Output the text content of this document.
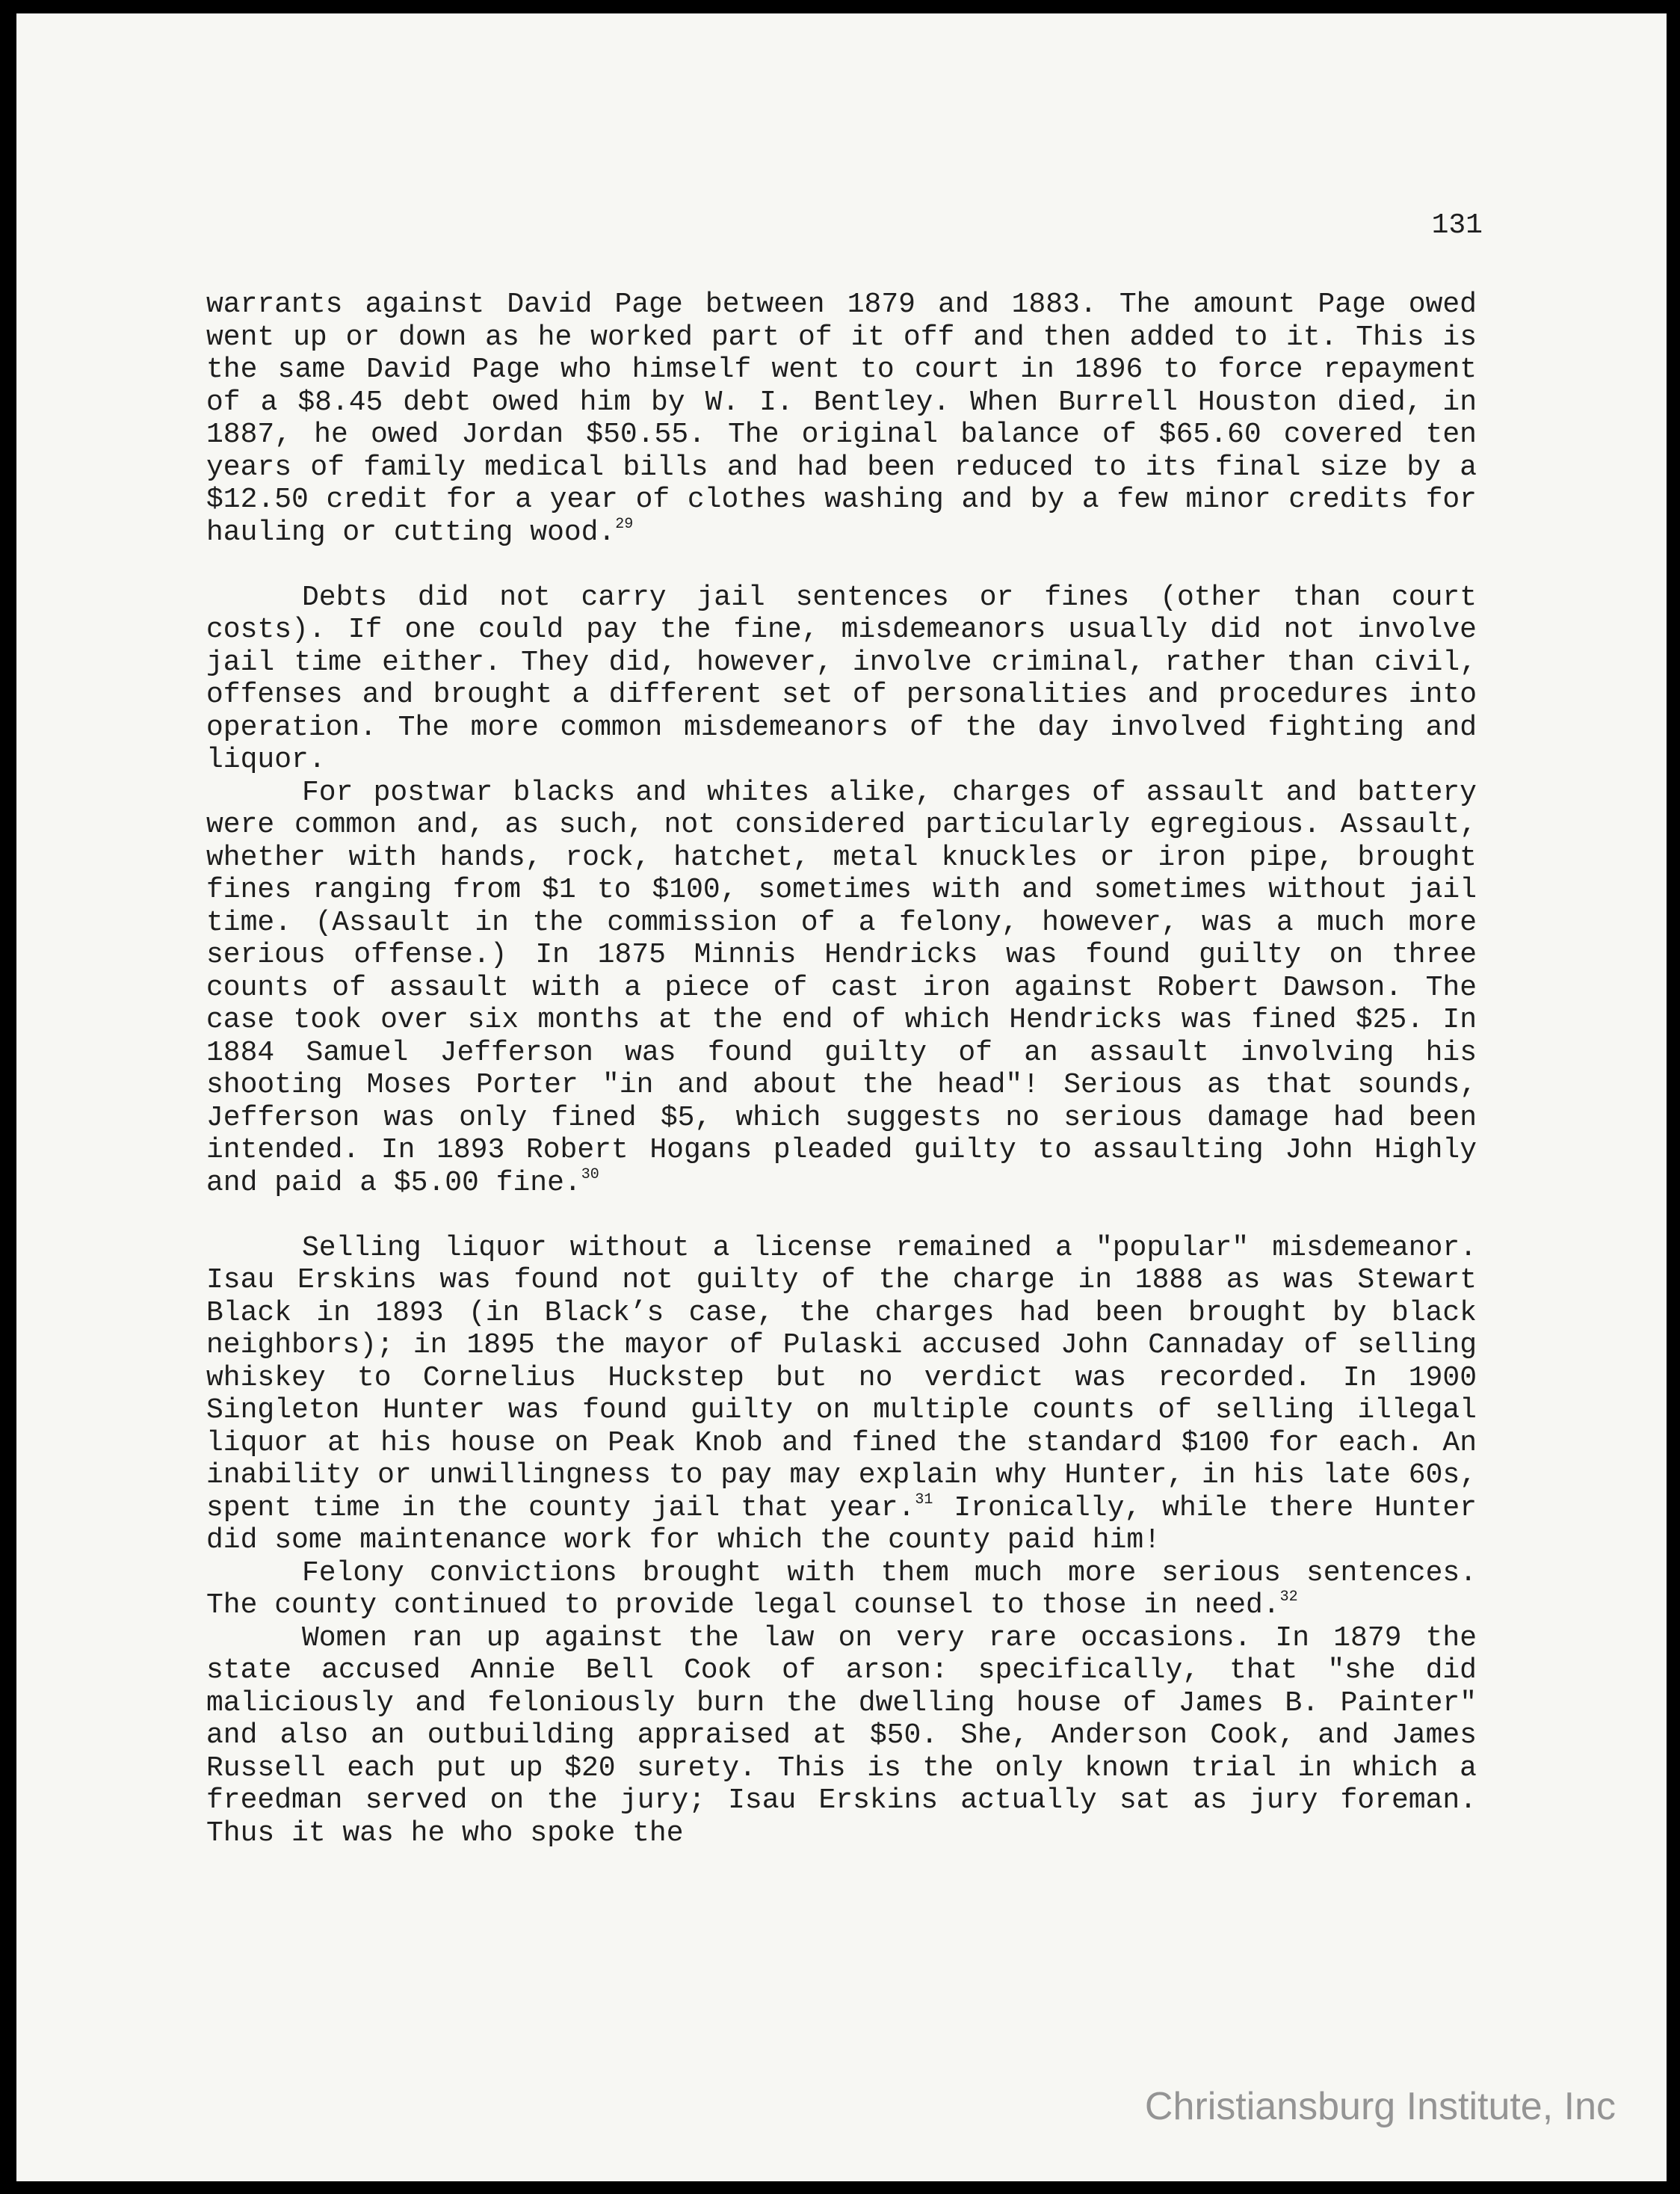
131

warrants against David Page between 1879 and 1883. The amount Page owed went up or down as he worked part of it off and then added to it. This is the same David Page who himself went to court in 1896 to force repayment of a $8.45 debt owed him by W. I. Bentley. When Burrell Houston died, in 1887, he owed Jordan $50.55. The original balance of $65.60 covered ten years of family medical bills and had been reduced to its final size by a $12.50 credit for a year of clothes washing and by a few minor credits for hauling or cutting wood.$^{29}$

Debts did not carry jail sentences or fines (other than court costs). If one could pay the fine, misdemeanors usually did not involve jail time either. They did, however, involve criminal, rather than civil, offenses and brought a different set of personalities and procedures into operation. The more common misdemeanors of the day involved fighting and liquor.

For postwar blacks and whites alike, charges of assault and battery were common and, as such, not considered particularly egregious. Assault, whether with hands, rock, hatchet, metal knuckles or iron pipe, brought fines ranging from $1 to $100, sometimes with and sometimes without jail time. (Assault in the commission of a felony, however, was a much more serious offense.) In 1875 Minnis Hendricks was found guilty on three counts of assault with a piece of cast iron against Robert Dawson. The case took over six months at the end of which Hendricks was fined $25. In 1884 Samuel Jefferson was found guilty of an assault involving his shooting Moses Porter "in and about the head"! Serious as that sounds, Jefferson was only fined $5, which suggests no serious damage had been intended. In 1893 Robert Hogans pleaded guilty to assaulting John Highly and paid a $5.00 fine.$^{30}$

Selling liquor without a license remained a "popular" misdemeanor. Isau Erskins was found not guilty of the charge in 1888 as was Stewart Black in 1893 (in Black’s case, the charges had been brought by black neighbors); in 1895 the mayor of Pulaski accused John Cannaday of selling whiskey to Cornelius Huckstep but no verdict was recorded. In 1900 Singleton Hunter was found guilty on multiple counts of selling illegal liquor at his house on Peak Knob and fined the standard $100 for each. An inability or unwillingness to pay may explain why Hunter, in his late 60s, spent time in the county jail that year.$^{31}$ Ironically, while there Hunter did some maintenance work for which the county paid him!

Felony convictions brought with them much more serious sentences. The county continued to provide legal counsel to those in need.$^{32}$

Women ran up against the law on very rare occasions. In 1879 the state accused Annie Bell Cook of arson: specifically, that "she did maliciously and feloniously burn the dwelling house of James B. Painter" and also an outbuilding appraised at $50. She, Anderson Cook, and James Russell each put up $20 surety. This is the only known trial in which a freedman served on the jury; Isau Erskins actually sat as jury foreman. Thus it was he who spoke the

Christiansburg Institute, Inc
